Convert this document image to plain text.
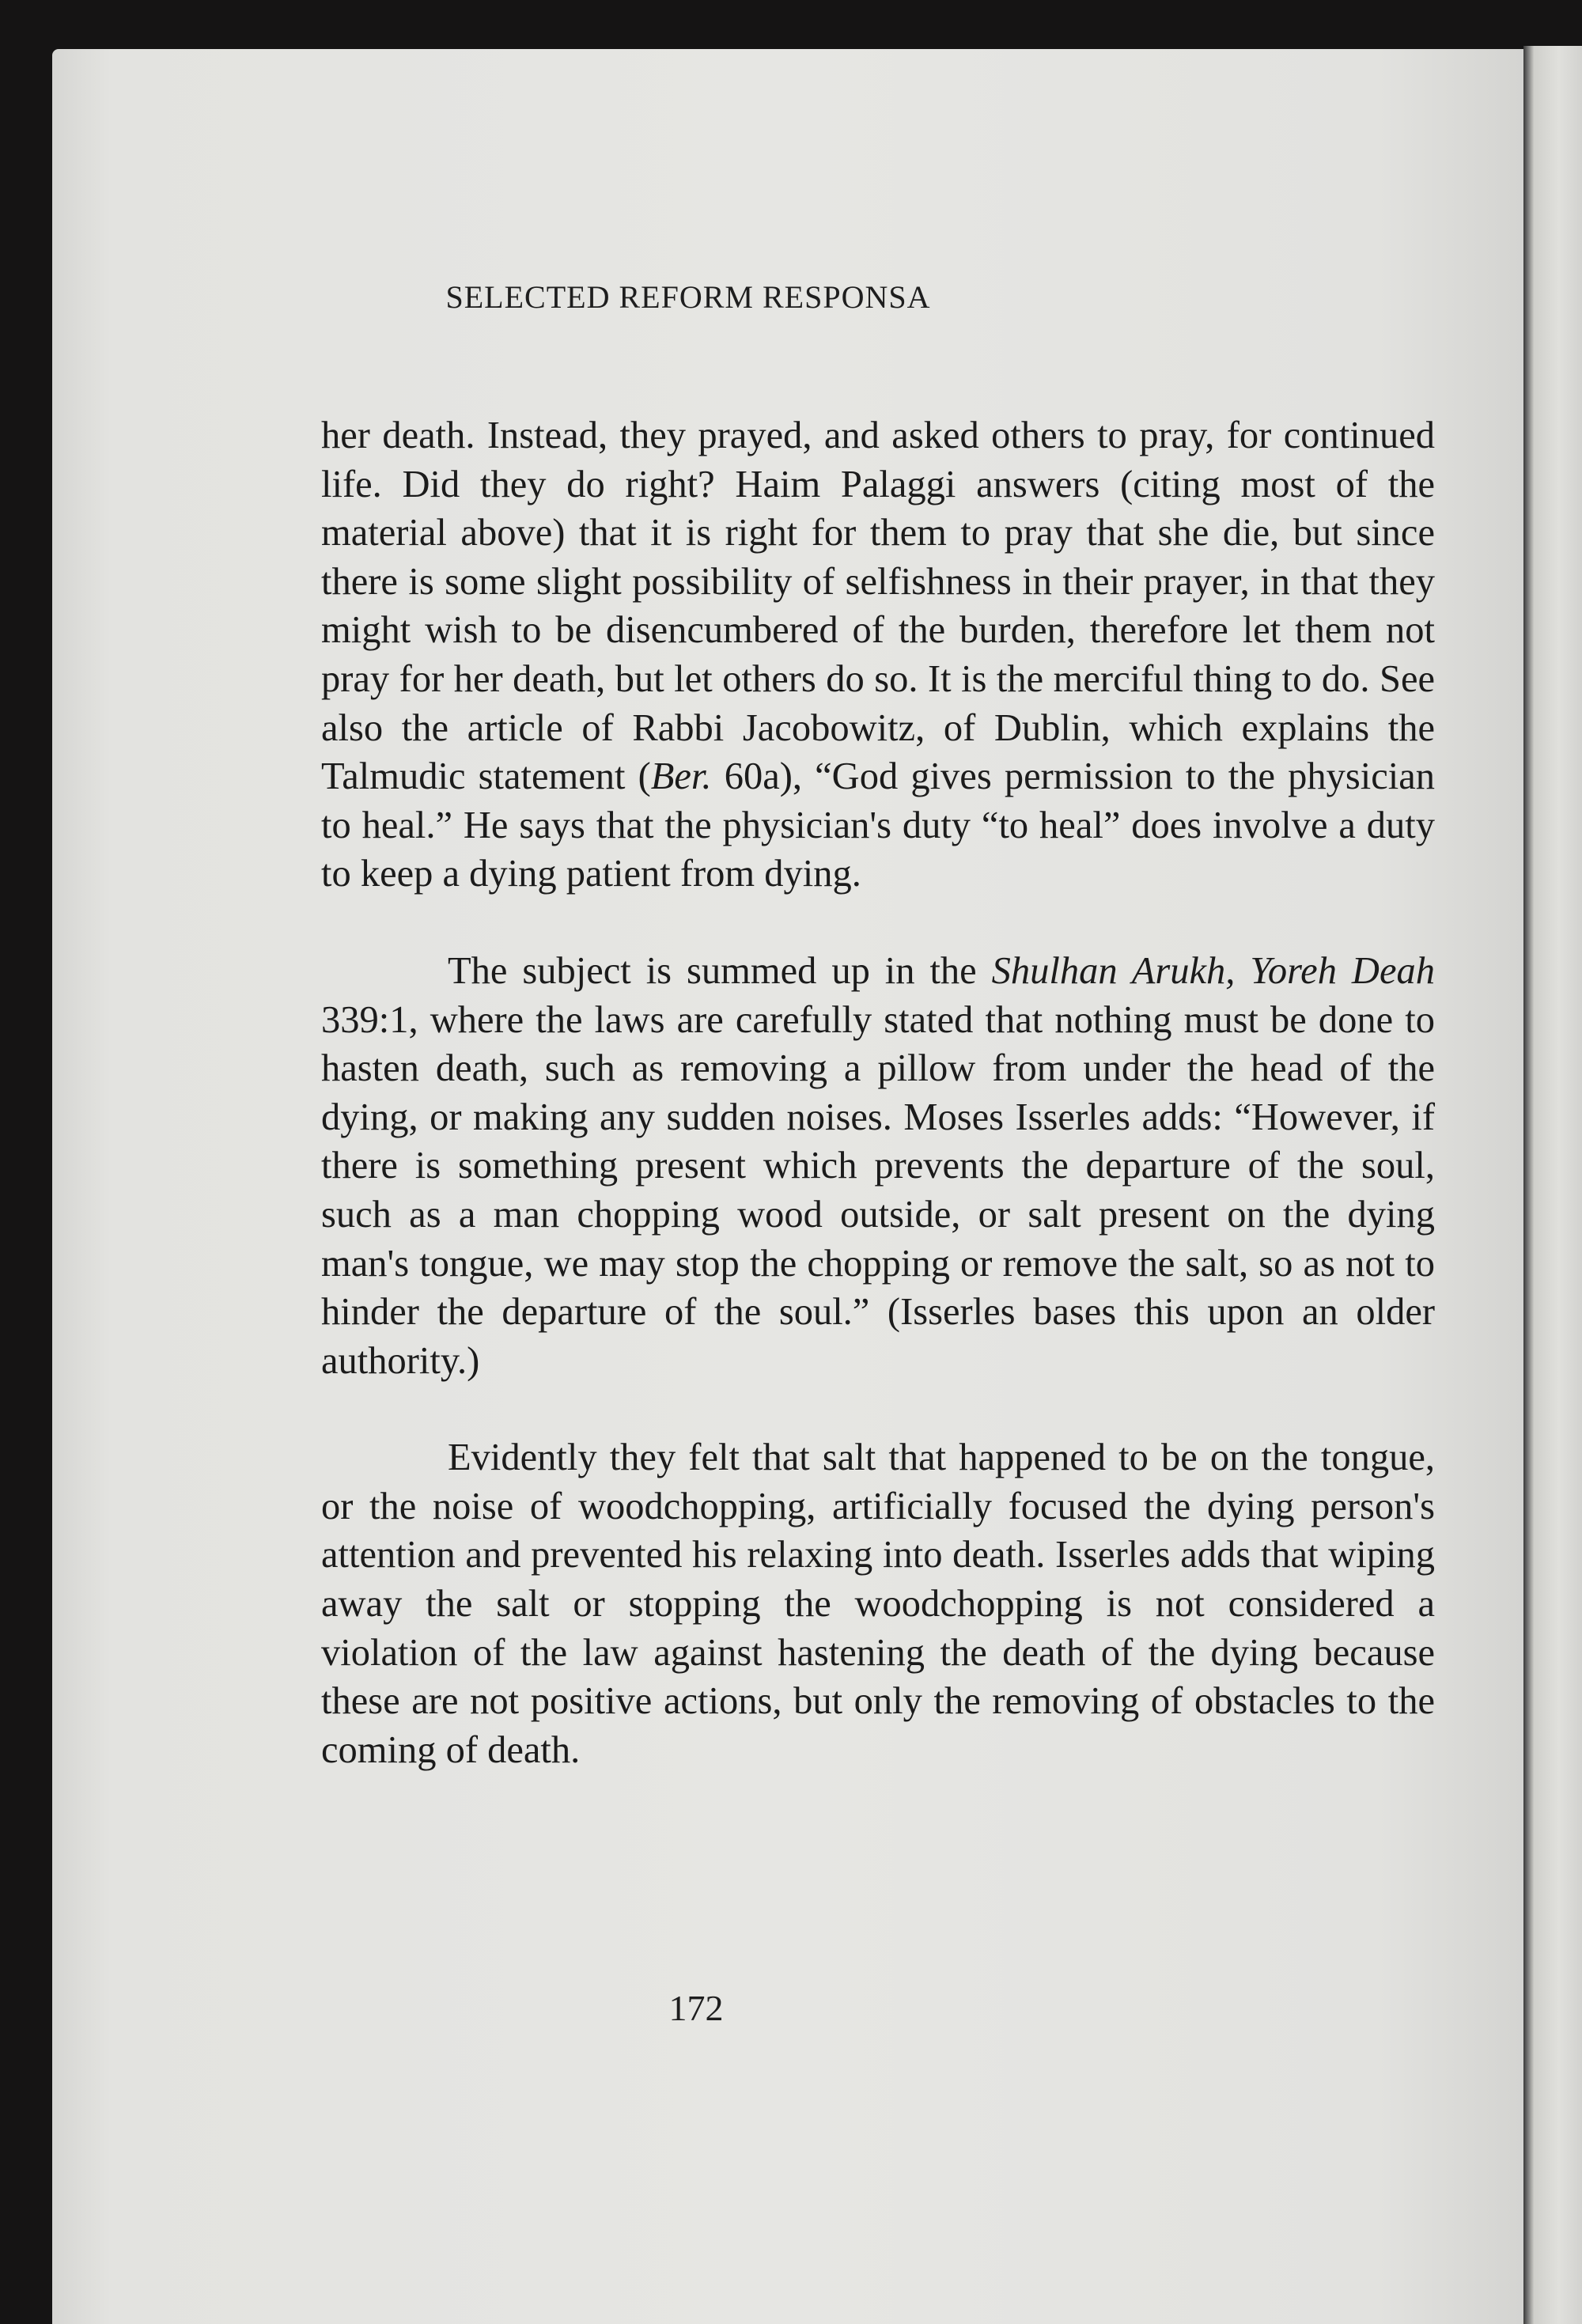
SELECTED REFORM RESPONSA

her death. Instead, they prayed, and asked others to pray, for continued life. Did they do right? Haim Palaggi answers (citing most of the material above) that it is right for them to pray that she die, but since there is some slight possibility of selfishness in their prayer, in that they might wish to be disencumbered of the burden, therefore let them not pray for her death, but let others do so. It is the merciful thing to do. See also the article of Rabbi Jacobowitz, of Dublin, which explains the Talmudic statement (Ber. 60a), “God gives permission to the physician to heal.” He says that the physician's duty “to heal” does involve a duty to keep a dying patient from dying.

The subject is summed up in the Shulhan Arukh, Yoreh Deah 339:1, where the laws are carefully stated that nothing must be done to hasten death, such as removing a pillow from under the head of the dying, or making any sudden noises. Moses Isserles adds: “However, if there is something present which prevents the departure of the soul, such as a man chopping wood outside, or salt present on the dying man's tongue, we may stop the chopping or remove the salt, so as not to hinder the departure of the soul.” (Isserles bases this upon an older authority.)

Evidently they felt that salt that happened to be on the tongue, or the noise of woodchopping, artificially focused the dying person's attention and prevented his relaxing into death. Isserles adds that wiping away the salt or stopping the woodchopping is not considered a violation of the law against hastening the death of the dying because these are not positive actions, but only the removing of obstacles to the coming of death.

172
